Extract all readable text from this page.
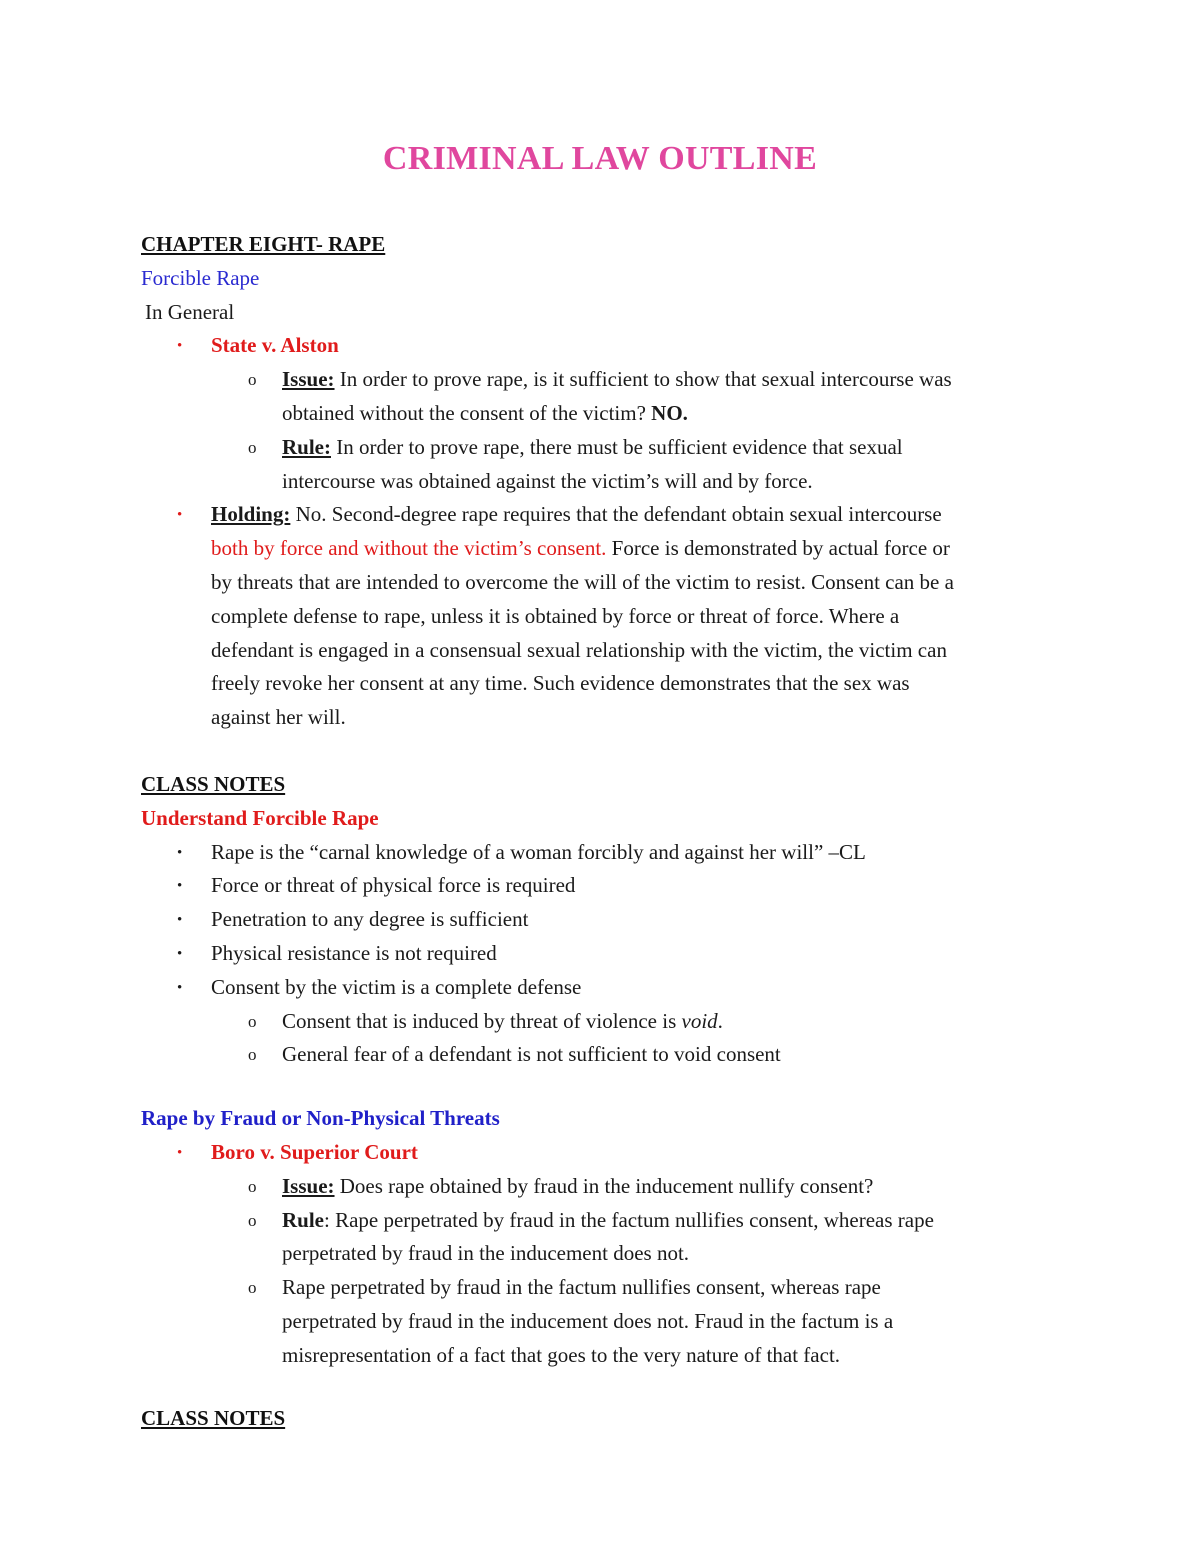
CRIMINAL LAW OUTLINE
CHAPTER EIGHT- RAPE
Forcible Rape
In General
• State v. Alston
o Issue: In order to prove rape, is it sufficient to show that sexual intercourse was
obtained without the consent of the victim? NO.
o Rule: In order to prove rape, there must be sufficient evidence that sexual
intercourse was obtained against the victim’s will and by force.
• Holding: No. Second-degree rape requires that the defendant obtain sexual intercourse
both by force and without the victim’s consent. Force is demonstrated by actual force or
by threats that are intended to overcome the will of the victim to resist. Consent can be a
complete defense to rape, unless it is obtained by force or threat of force. Where a
defendant is engaged in a consensual sexual relationship with the victim, the victim can
freely revoke her consent at any time. Such evidence demonstrates that the sex was
against her will.
CLASS NOTES
Understand Forcible Rape
• Rape is the “carnal knowledge of a woman forcibly and against her will” –CL
• Force or threat of physical force is required
• Penetration to any degree is sufficient
• Physical resistance is not required
• Consent by the victim is a complete defense
o Consent that is induced by threat of violence is void.
o General fear of a defendant is not sufficient to void consent
Rape by Fraud or Non-Physical Threats
• Boro v. Superior Court
o Issue: Does rape obtained by fraud in the inducement nullify consent?
o Rule: Rape perpetrated by fraud in the factum nullifies consent, whereas rape
perpetrated by fraud in the inducement does not.
o Rape perpetrated by fraud in the factum nullifies consent, whereas rape
perpetrated by fraud in the inducement does not. Fraud in the factum is a
misrepresentation of a fact that goes to the very nature of that fact.
CLASS NOTES
